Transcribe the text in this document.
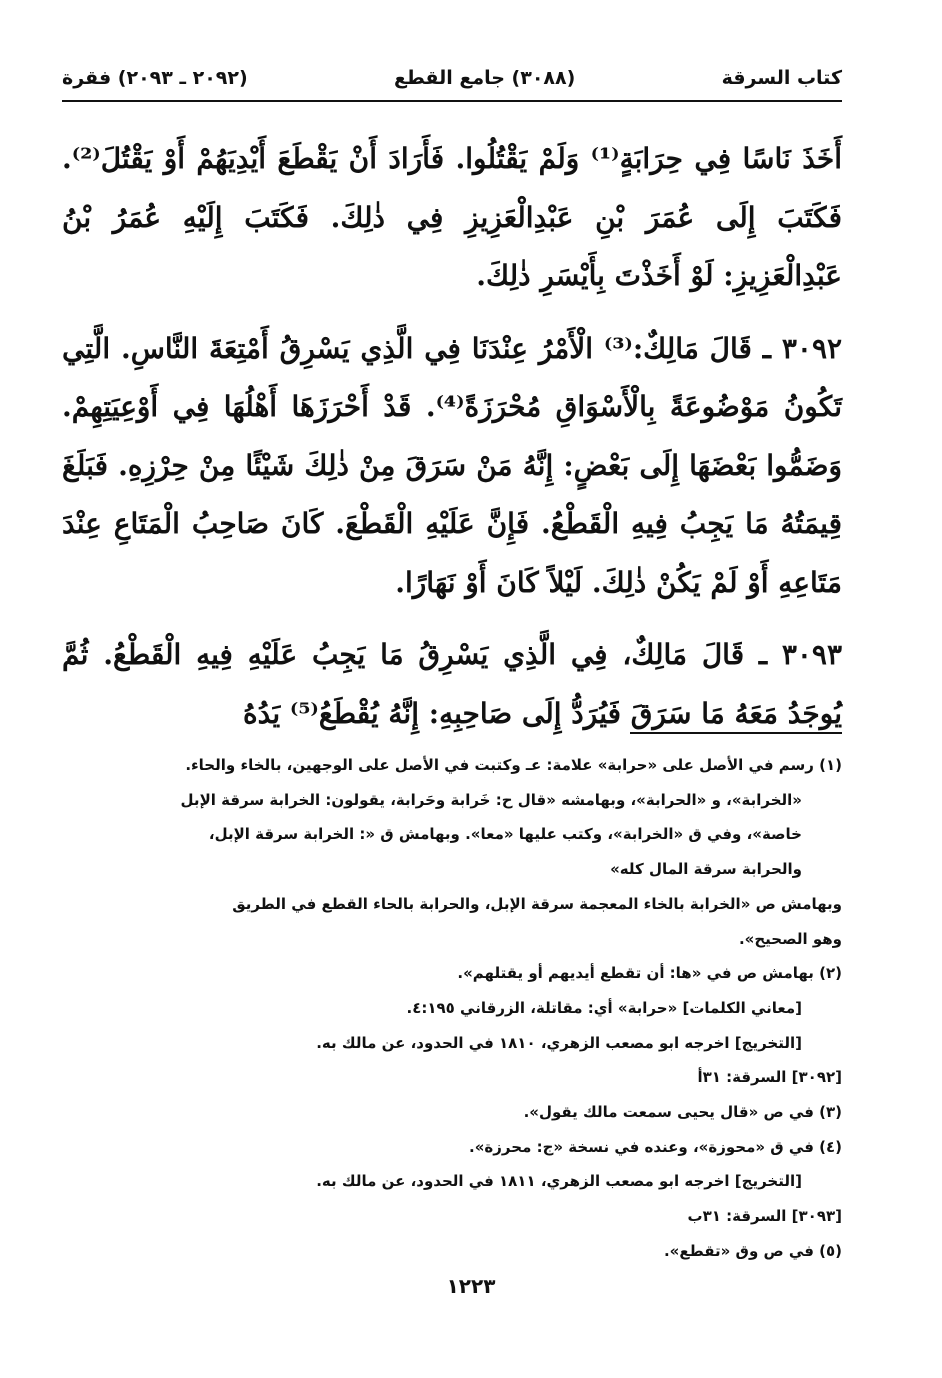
كتاب السرقة
(٣٠٨٨) جامع القطع
(٢٠٩٢ ـ ٢٠٩٣) فقرة

أَخَذَ نَاسًا فِي حِرَابَةٍ⁽¹⁾ وَلَمْ يَقْتُلُوا. فَأَرَادَ أَنْ يَقْطَعَ أَيْدِيَهُمْ أَوْ يَقْتُلَ⁽²⁾. فَكَتَبَ إِلَى عُمَرَ بْنِ عَبْدِالْعَزِيزِ فِي ذٰلِكَ. فَكَتَبَ إِلَيْهِ عُمَرُ بْنُ عَبْدِالْعَزِيزِ: لَوْ أَخَذْتَ بِأَيْسَرِ ذٰلِكَ.

٣٠٩٢ ـ قَالَ مَالِكٌ:⁽³⁾ الْأَمْرُ عِنْدَنَا فِي الَّذِي يَسْرِقُ أَمْتِعَةَ النَّاسِ. الَّتِي تَكُونُ مَوْضُوعَةً بِالْأَسْوَاقِ مُحْرَزَةً⁽⁴⁾. قَدْ أَحْرَزَهَا أَهْلُهَا فِي أَوْعِيَتِهِمْ. وَضَمُّوا بَعْضَهَا إِلَى بَعْضٍ: إِنَّهُ مَنْ سَرَقَ مِنْ ذٰلِكَ شَيْئًا مِنْ حِرْزِهِ. فَبَلَغَ قِيمَتُهُ مَا يَجِبُ فِيهِ الْقَطْعُ. فَإِنَّ عَلَيْهِ الْقَطْعَ. كَانَ صَاحِبُ الْمَتَاعِ عِنْدَ مَتَاعِهِ أَوْ لَمْ يَكُنْ ذٰلِكَ. لَيْلاً كَانَ أَوْ نَهَارًا.

٣٠٩٣ ـ قَالَ مَالِكٌ، فِي الَّذِي يَسْرِقُ مَا يَجِبُ عَلَيْهِ فِيهِ الْقَطْعُ. ثُمَّ يُوجَدُ مَعَهُ مَا سَرَقَ فَيُرَدُّ إِلَى صَاحِبِهِ: إِنَّهُ يُقْطَعُ⁽⁵⁾ يَدُهُ

(١) رسم في الأصل على «حرابة» علامة: عـ وكتبت في الأصل على الوجهين، بالخاء والحاء.
«الخرابة»، و «الحرابة»، وبهامشه «قال ح: خَرابة وحَرابة، يقولون: الخرابة سرقة الإبل
خاصة»، وفي ق «الخرابة»، وكتب عليها «معا». وبهامش ق «: الخرابة سرقة الإبل،
والحرابة سرقة المال كله»
وبهامش ص «الخرابة بالخاء المعجمة سرقة الإبل، والحرابة بالحاء القطع في الطريق
وهو الصحيح».
(٢) بهامش ص في «ها: أن تقطع أيديهم أو يقتلهم».
[معاني الكلمات] «حرابة» أي: مقاتلة، الزرقاني ٤:١٩٥.
[التخريج] اخرجه ابو مصعب الزهري، ١٨١٠ في الحدود، عن مالك به.
[٣٠٩٢] السرقة: ٣١أ
(٣) في ص «قال يحيى سمعت مالك يقول».
(٤) في ق «محوزة»، وعنده في نسخة «ج: محرزة».
[التخريج] اخرجه ابو مصعب الزهري، ١٨١١ في الحدود، عن مالك به.
[٣٠٩٣] السرقة: ٣١ب
(٥) في ص وق «تقطع».
١٢٢٣
